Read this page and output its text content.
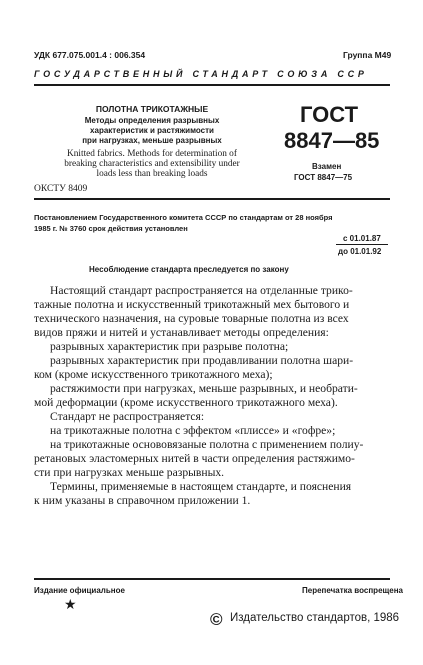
УДК 677.075.001.4 : 006.354	Группа М49
ГОСУДАРСТВЕННЫЙ СТАНДАРТ СОЮЗА ССР
ПОЛОТНА ТРИКОТАЖНЫЕ
Методы определения разрывных
характеристик и растяжимости
при нагрузках, меньше разрывных
Knitted fabrics. Methods for determination of
breaking characteristics and extensibility under
loads less than breaking loads
ГОСТ
8847—85
Взамен
ГОСТ 8847—75
ОКСТУ 8409
Постановлением Государственного комитета СССР по стандартам от 28 ноября
1985 г. № 3760 срок действия установлен
с 01.01.87
до 01.01.92
Несоблюдение стандарта преследуется по закону

Настоящий стандарт распространяется на отделанные трико-

тажные полотна и искусственный трикотажный мех бытового и

технического назначения, на суровые товарные полотна из всех

видов пряжи и нитей и устанавливает методы определения:

разрывных характеристик при разрыве полотна;

разрывных характеристик при продавливании полотна шари-

ком (кроме искусственного трикотажного меха);

растяжимости при нагрузках, меньше разрывных, и необрати-

мой деформации (кроме искусственного трикотажного меха).

Стандарт не распространяется:

на трикотажные полотна с эффектом «плиссе» и «гофре»;

на трикотажные основовязаные полотна с применением полиу-

ретановых эластомерных нитей в части определения растяжимо-

сти при нагрузках меньше разрывных.

Термины, применяемые в настоящем стандарте, и пояснения

к ним указаны в справочном приложении 1.

Издание официальное	Перепечатка воспрещена
★
© Издательство стандартов, 1986
